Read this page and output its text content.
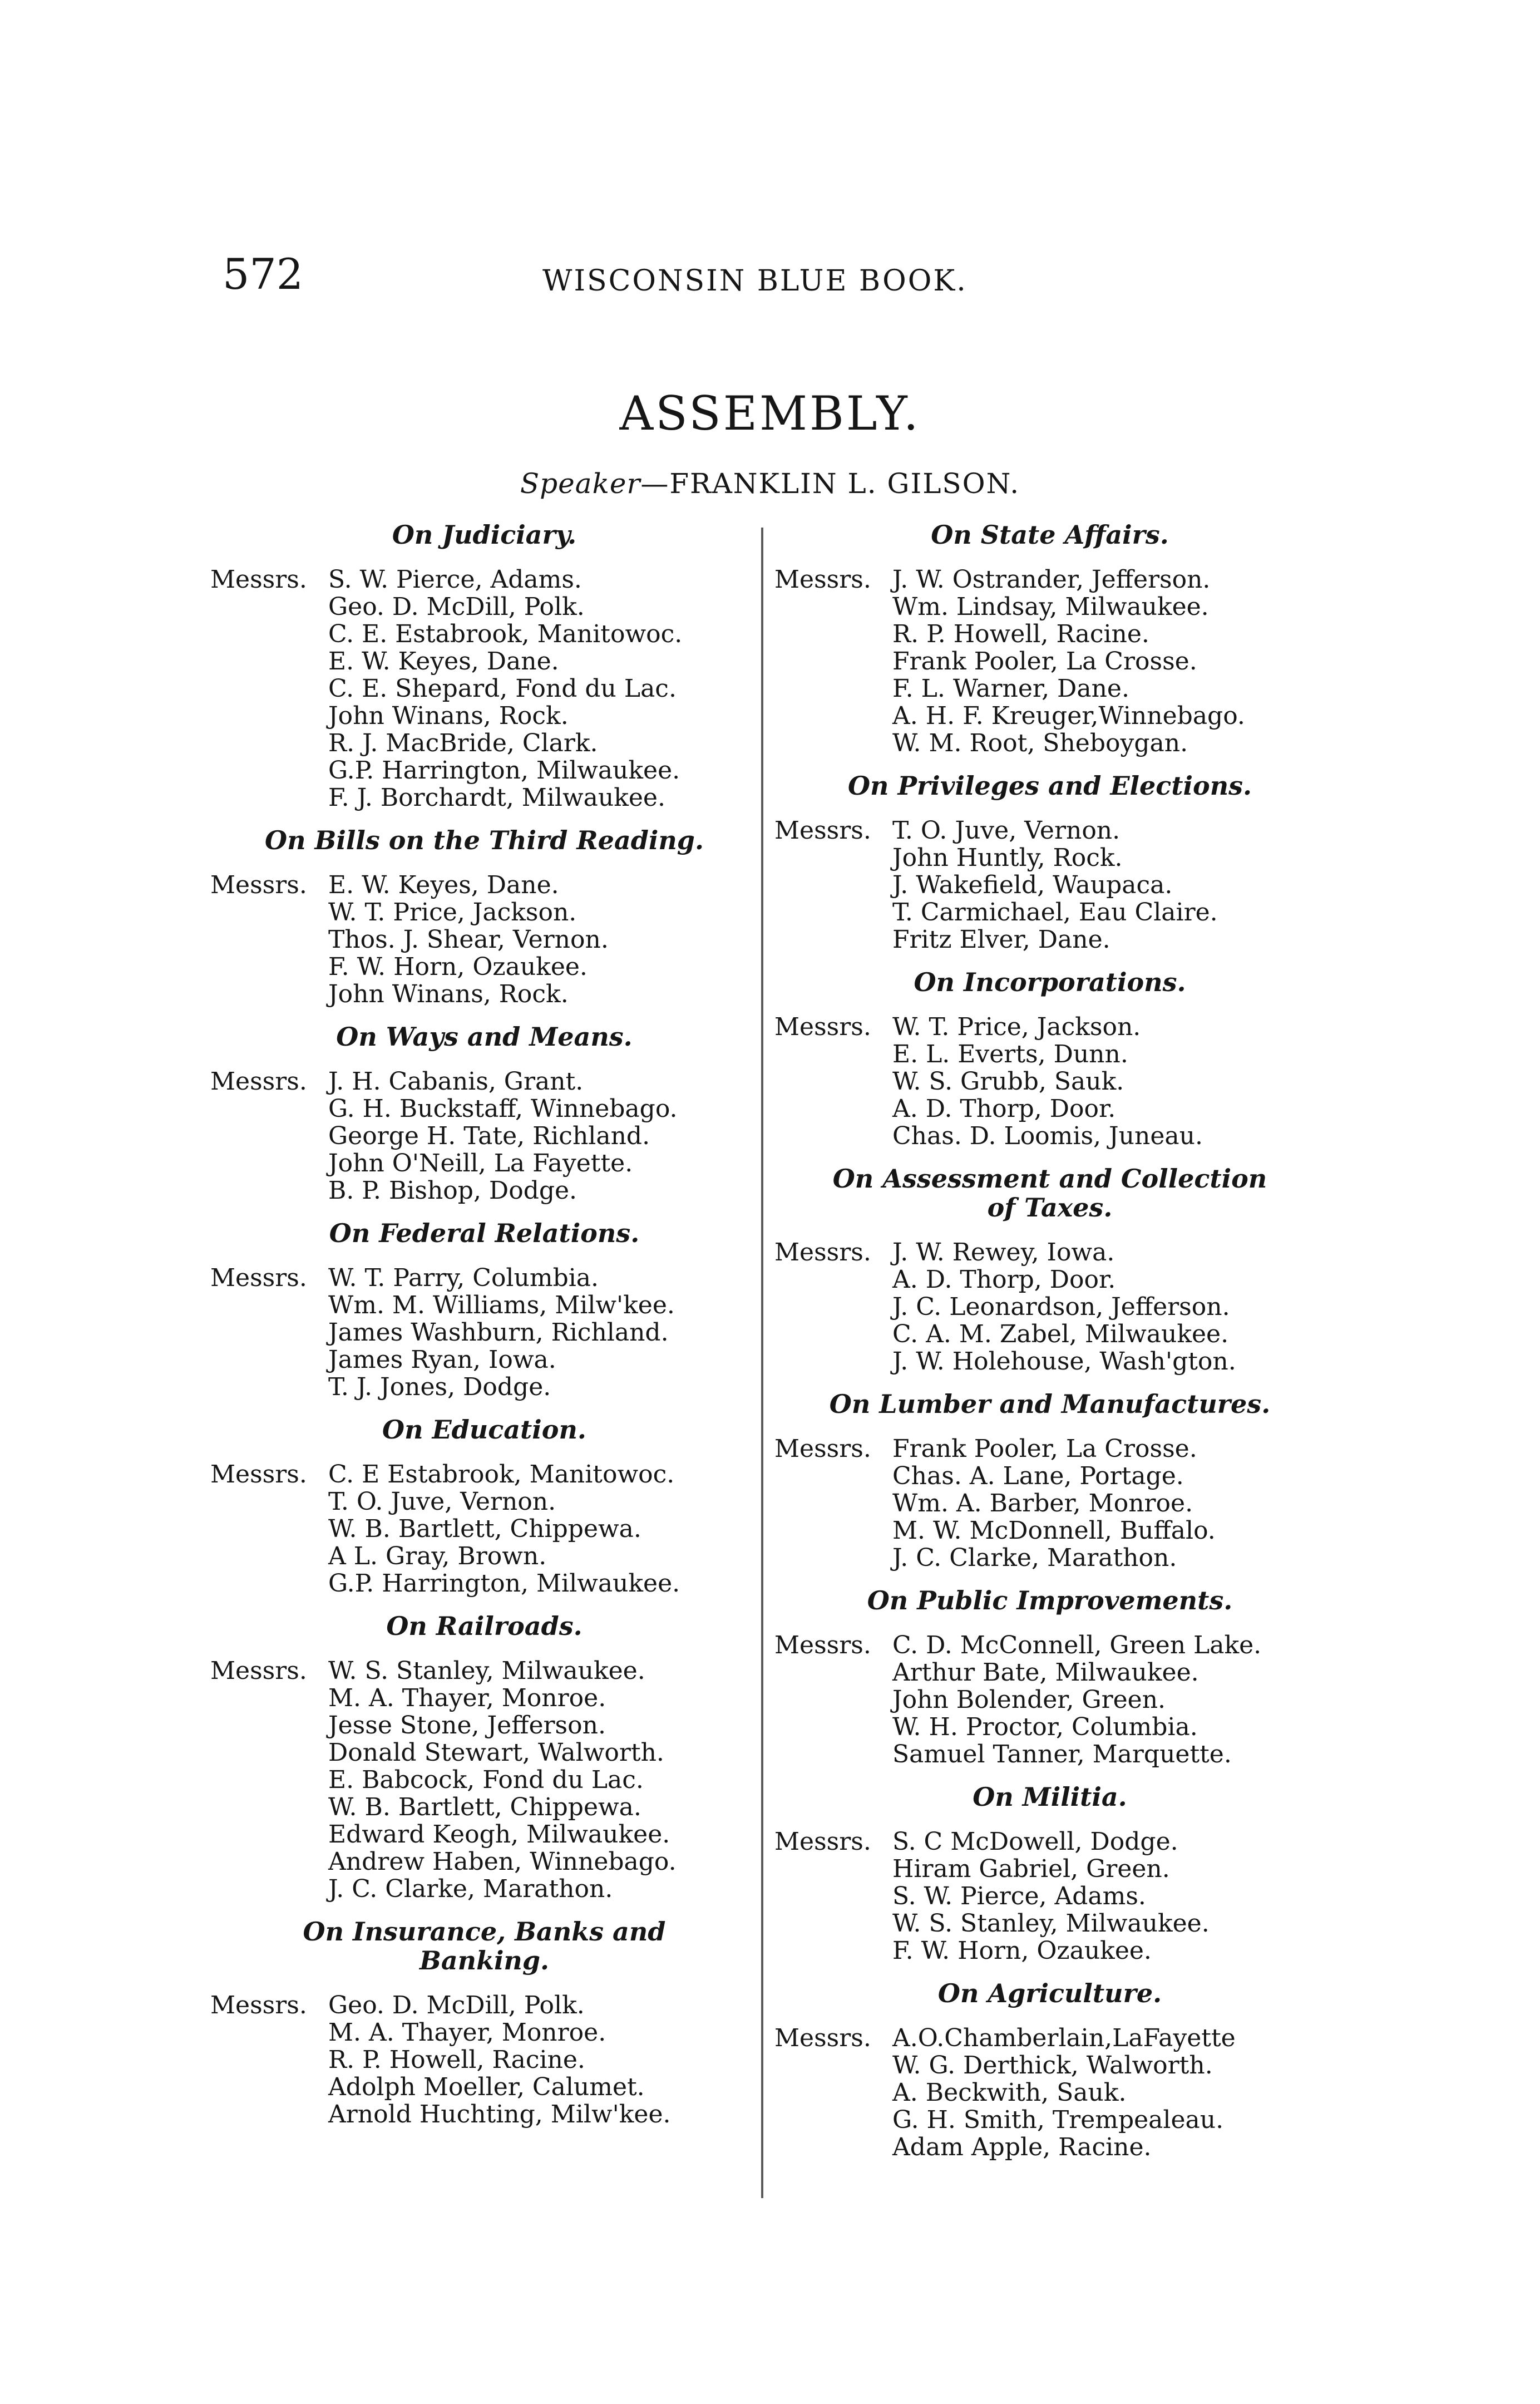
572	WISCONSIN BLUE BOOK.
ASSEMBLY.
Speaker—FRANKLIN L. GILSON.
On Judiciary.
Messrs. S. W. Pierce, Adams.
Geo. D. McDill, Polk.
C. E. Estabrook, Manitowoc.
E. W. Keyes, Dane.
C. E. Shepard, Fond du Lac.
John Winans, Rock.
R. J. MacBride, Clark.
G.P. Harrington, Milwaukee.
F. J. Borchardt, Milwaukee.
On Bills on the Third Reading.
Messrs. E. W. Keyes, Dane.
W. T. Price, Jackson.
Thos. J. Shear, Vernon.
F. W. Horn, Ozaukee.
John Winans, Rock.
On Ways and Means.
Messrs. J. H. Cabanis, Grant.
G. H. Buckstaff, Winnebago.
George H. Tate, Richland.
John O'Neill, La Fayette.
B. P. Bishop, Dodge.
On Federal Relations.
Messrs. W. T. Parry, Columbia.
Wm. M. Williams, Milw'kee.
James Washburn, Richland.
James Ryan, Iowa.
T. J. Jones, Dodge.
On Education.
Messrs. C. E Estabrook, Manitowoc.
T. O. Juve, Vernon.
W. B. Bartlett, Chippewa.
A L. Gray, Brown.
G.P. Harrington, Milwaukee.
On Railroads.
Messrs. W. S. Stanley, Milwaukee.
M. A. Thayer, Monroe.
Jesse Stone, Jefferson.
Donald Stewart, Walworth.
E. Babcock, Fond du Lac.
W. B. Bartlett, Chippewa.
Edward Keogh, Milwaukee.
Andrew Haben, Winnebago.
J. C. Clarke, Marathon.
On Insurance, Banks and
Banking.
Messrs. Geo. D. McDill, Polk.
M. A. Thayer, Monroe.
R. P. Howell, Racine.
Adolph Moeller, Calumet.
Arnold Huchting, Milw'kee.
On State Affairs.
Messrs. J. W. Ostrander, Jefferson.
Wm. Lindsay, Milwaukee.
R. P. Howell, Racine.
Frank Pooler, La Crosse.
F. L. Warner, Dane.
A. H. F. Kreuger,Winnebago.
W. M. Root, Sheboygan.
On Privileges and Elections.
Messrs. T. O. Juve, Vernon.
John Huntly, Rock.
J. Wakefield, Waupaca.
T. Carmichael, Eau Claire.
Fritz Elver, Dane.
On Incorporations.
Messrs. W. T. Price, Jackson.
E. L. Everts, Dunn.
W. S. Grubb, Sauk.
A. D. Thorp, Door.
Chas. D. Loomis, Juneau.
On Assessment and Collection
of Taxes.
Messrs. J. W. Rewey, Iowa.
A. D. Thorp, Door.
J. C. Leonardson, Jefferson.
C. A. M. Zabel, Milwaukee.
J. W. Holehouse, Wash'gton.
On Lumber and Manufactures.
Messrs. Frank Pooler, La Crosse.
Chas. A. Lane, Portage.
Wm. A. Barber, Monroe.
M. W. McDonnell, Buffalo.
J. C. Clarke, Marathon.
On Public Improvements.
Messrs. C. D. McConnell, Green Lake.
Arthur Bate, Milwaukee.
John Bolender, Green.
W. H. Proctor, Columbia.
Samuel Tanner, Marquette.
On Militia.
Messrs. S. C McDowell, Dodge.
Hiram Gabriel, Green.
S. W. Pierce, Adams.
W. S. Stanley, Milwaukee.
F. W. Horn, Ozaukee.
On Agriculture.
Messrs. A.O.Chamberlain,LaFayette
W. G. Derthick, Walworth.
A. Beckwith, Sauk.
G. H. Smith, Trempealeau.
Adam Apple, Racine.
